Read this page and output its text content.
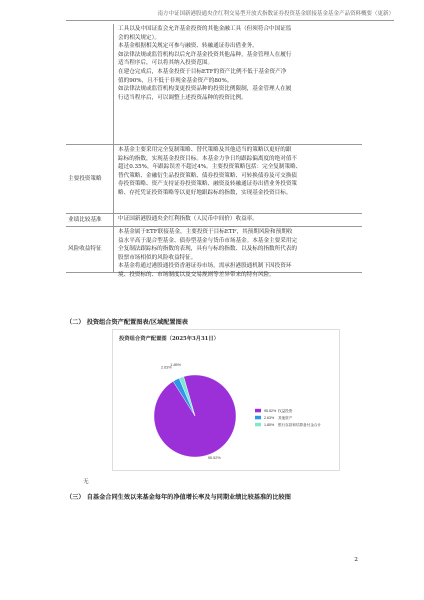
南方中证国新港股通央企红利交易型开放式指数证券投资基金联接基金基金产品资料概要（更新）

工具以及中国证监会允许基金投资的其他金融工具（但须符合中国证监

会的相关规定）。

本基金根据相关规定可参与融资、转融通证券出借业务。

如法律法规或监管机构以后允许基金投资其他品种，基金管理人在履行

适当程序后，可以将其纳入投资范围。

在建仓完成后，本基金投资于目标ETF的资产比例不低于基金资产净

值的90%，且不低于非现金基金资产的80%。

如法律法规或监管机构变更投资品种的投资比例限制，基金管理人在履

行适当程序后，可以调整上述投资品种的投资比例。

主要投资策略

本基金主要采用完全复制策略、替代策略及其他适当的策略以更好的跟

踪标的指数，实现基金投资目标。本基金力争日均跟踪偏离度的绝对值不

超过0.35%，年跟踪误差不超过4%。主要投资策略包括：完全复制策略、

替代策略、金融衍生品投资策略、债券投资策略、可转换债券及可交换债

券投资策略、资产支持证券投资策略、融资及转融通证券出借业务投资策

略、存托凭证投资策略等以更好地跟踪标的指数，实现基金投资目标。

业绩比较基准	中证国新港股通央企红利指数（人民币中间价）收益率。

风险收益特征

本基金属于ETF联接基金，主要投资于目标ETF，其预期风险和预期收

益水平高于混合型基金、债券型基金与货币市场基金。本基金主要采用完

全复制法跟踪标的指数的表现，具有与标的指数、以及标的指数所代表的

股票市场相似的风险收益特征。

本基金将通过港股通投资香港证券市场，需承担港股通机制下因投资环

境、投资标的、市场制度以及交易规则等差异带来的特有风险。

（二） 投资组合资产配置图表/区域配置图表
投资组合资产配置图（2025年3月31日）
95.52%
2.63%
1.85%
95.52% 权益投资
2.63% 其他资产
1.85% 银行存款和结算备付金合计
无
（三） 自基金合同生效以来基金每年的净值增长率及与同期业绩比较基准的比较图
2
